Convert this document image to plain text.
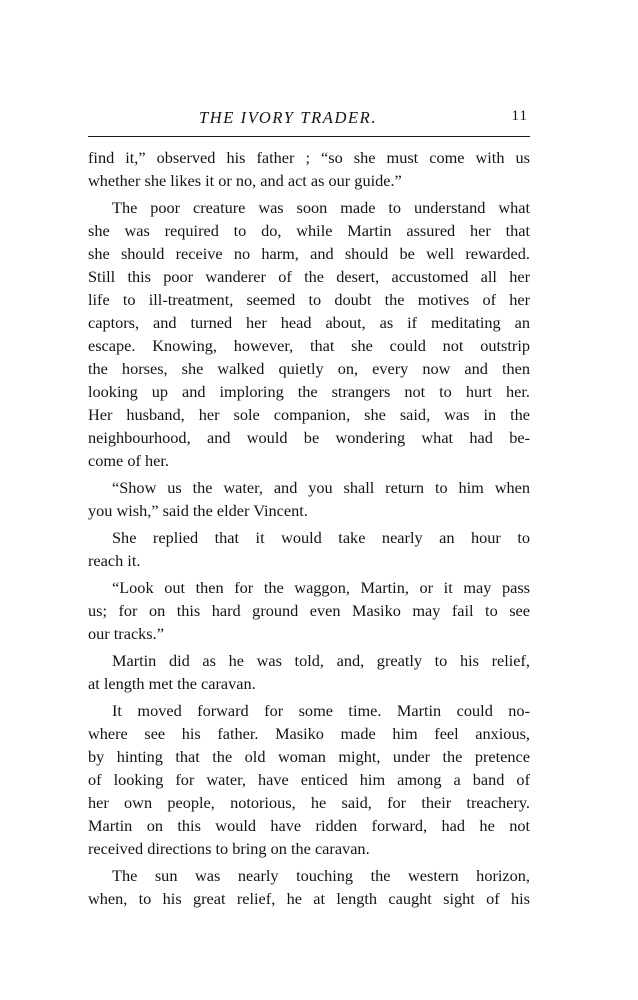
THE IVORY TRADER.	11
find it,” observed his father ; “so she must come with us
whether she likes it or no, and act as our guide.”
The poor creature was soon made to understand what
she was required to do, while Martin assured her that
she should receive no harm, and should be well rewarded.
Still this poor wanderer of the desert, accustomed all her
life to ill-treatment, seemed to doubt the motives of her
captors, and turned her head about, as if meditating an
escape. Knowing, however, that she could not outstrip
the horses, she walked quietly on, every now and then
looking up and imploring the strangers not to hurt her.
Her husband, her sole companion, she said, was in the
neighbourhood, and would be wondering what had be-
come of her.
“Show us the water, and you shall return to him when
you wish,” said the elder Vincent.
She replied that it would take nearly an hour to
reach it.
“Look out then for the waggon, Martin, or it may pass
us; for on this hard ground even Masiko may fail to see
our tracks.”
Martin did as he was told, and, greatly to his relief,
at length met the caravan.
It moved forward for some time. Martin could no-
where see his father. Masiko made him feel anxious,
by hinting that the old woman might, under the pretence
of looking for water, have enticed him among a band of
her own people, notorious, he said, for their treachery.
Martin on this would have ridden forward, had he not
received directions to bring on the caravan.
The sun was nearly touching the western horizon,
when, to his great relief, he at length caught sight of his
